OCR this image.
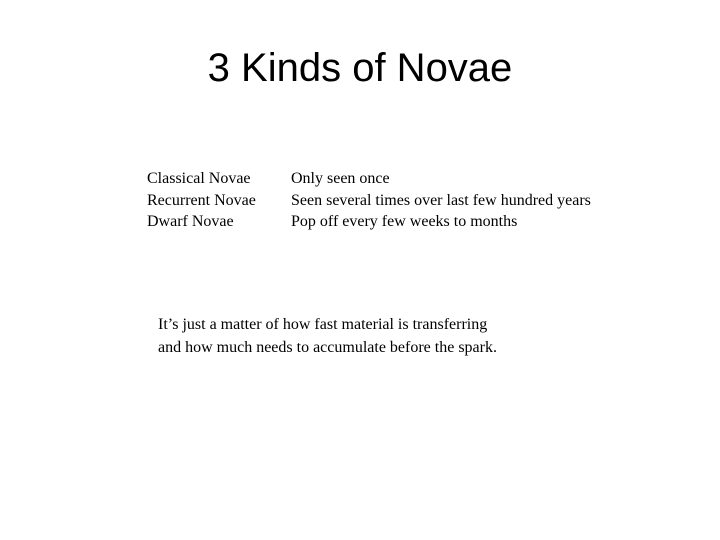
3 Kinds of Novae
Classical Novae	Only seen once
Recurrent Novae	Seen several times over last few hundred years
Dwarf Novae	Pop off every few weeks to months
It’s just a matter of how fast material is transferring
and how much needs to accumulate before the spark.
